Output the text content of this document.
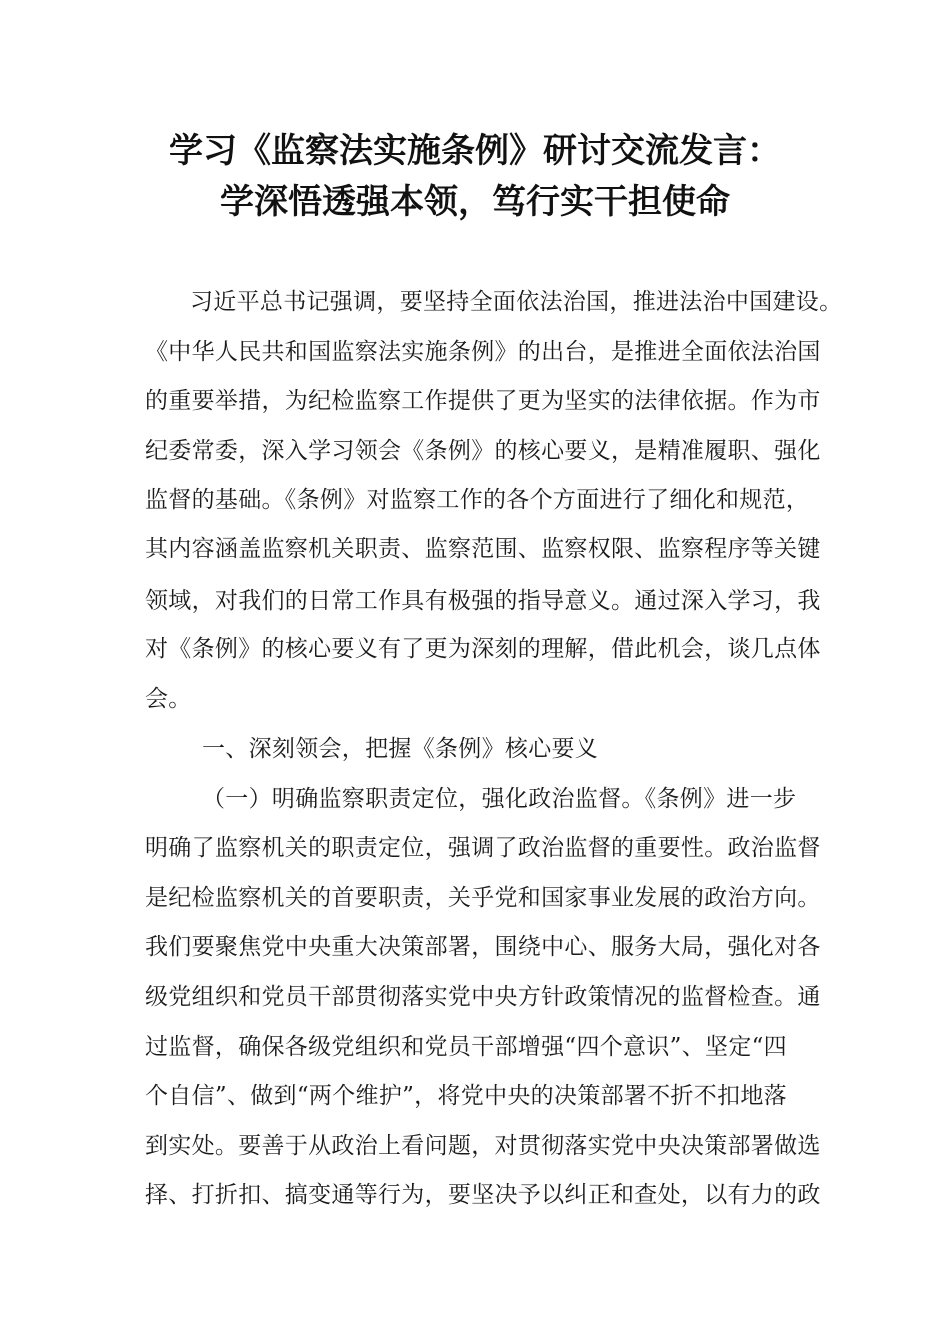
学习《监察法实施条例》研讨交流发言：
学深悟透强本领，笃行实干担使命
习近平总书记强调，要坚持全面依法治国，推进法治中国建设。
《中华人民共和国监察法实施条例》的出台，是推进全面依法治国
的重要举措，为纪检监察工作提供了更为坚实的法律依据。作为市
纪委常委，深入学习领会《条例》的核心要义，是精准履职、强化
监督的基础。《条例》对监察工作的各个方面进行了细化和规范，
其内容涵盖监察机关职责、监察范围、监察权限、监察程序等关键
领域，对我们的日常工作具有极强的指导意义。通过深入学习，我
对《条例》的核心要义有了更为深刻的理解，借此机会，谈几点体
会。
一、深刻领会，把握《条例》核心要义
（一）明确监察职责定位，强化政治监督。《条例》进一步
明确了监察机关的职责定位，强调了政治监督的重要性。政治监督
是纪检监察机关的首要职责，关乎党和国家事业发展的政治方向。
我们要聚焦党中央重大决策部署，围绕中心、服务大局，强化对各
级党组织和党员干部贯彻落实党中央方针政策情况的监督检查。通
过监督，确保各级党组织和党员干部增强“四个意识”、坚定“四
个自信”、做到“两个维护”，将党中央的决策部署不折不扣地落
到实处。要善于从政治上看问题，对贯彻落实党中央决策部署做选
择、打折扣、搞变通等行为，要坚决予以纠正和查处，以有力的政
